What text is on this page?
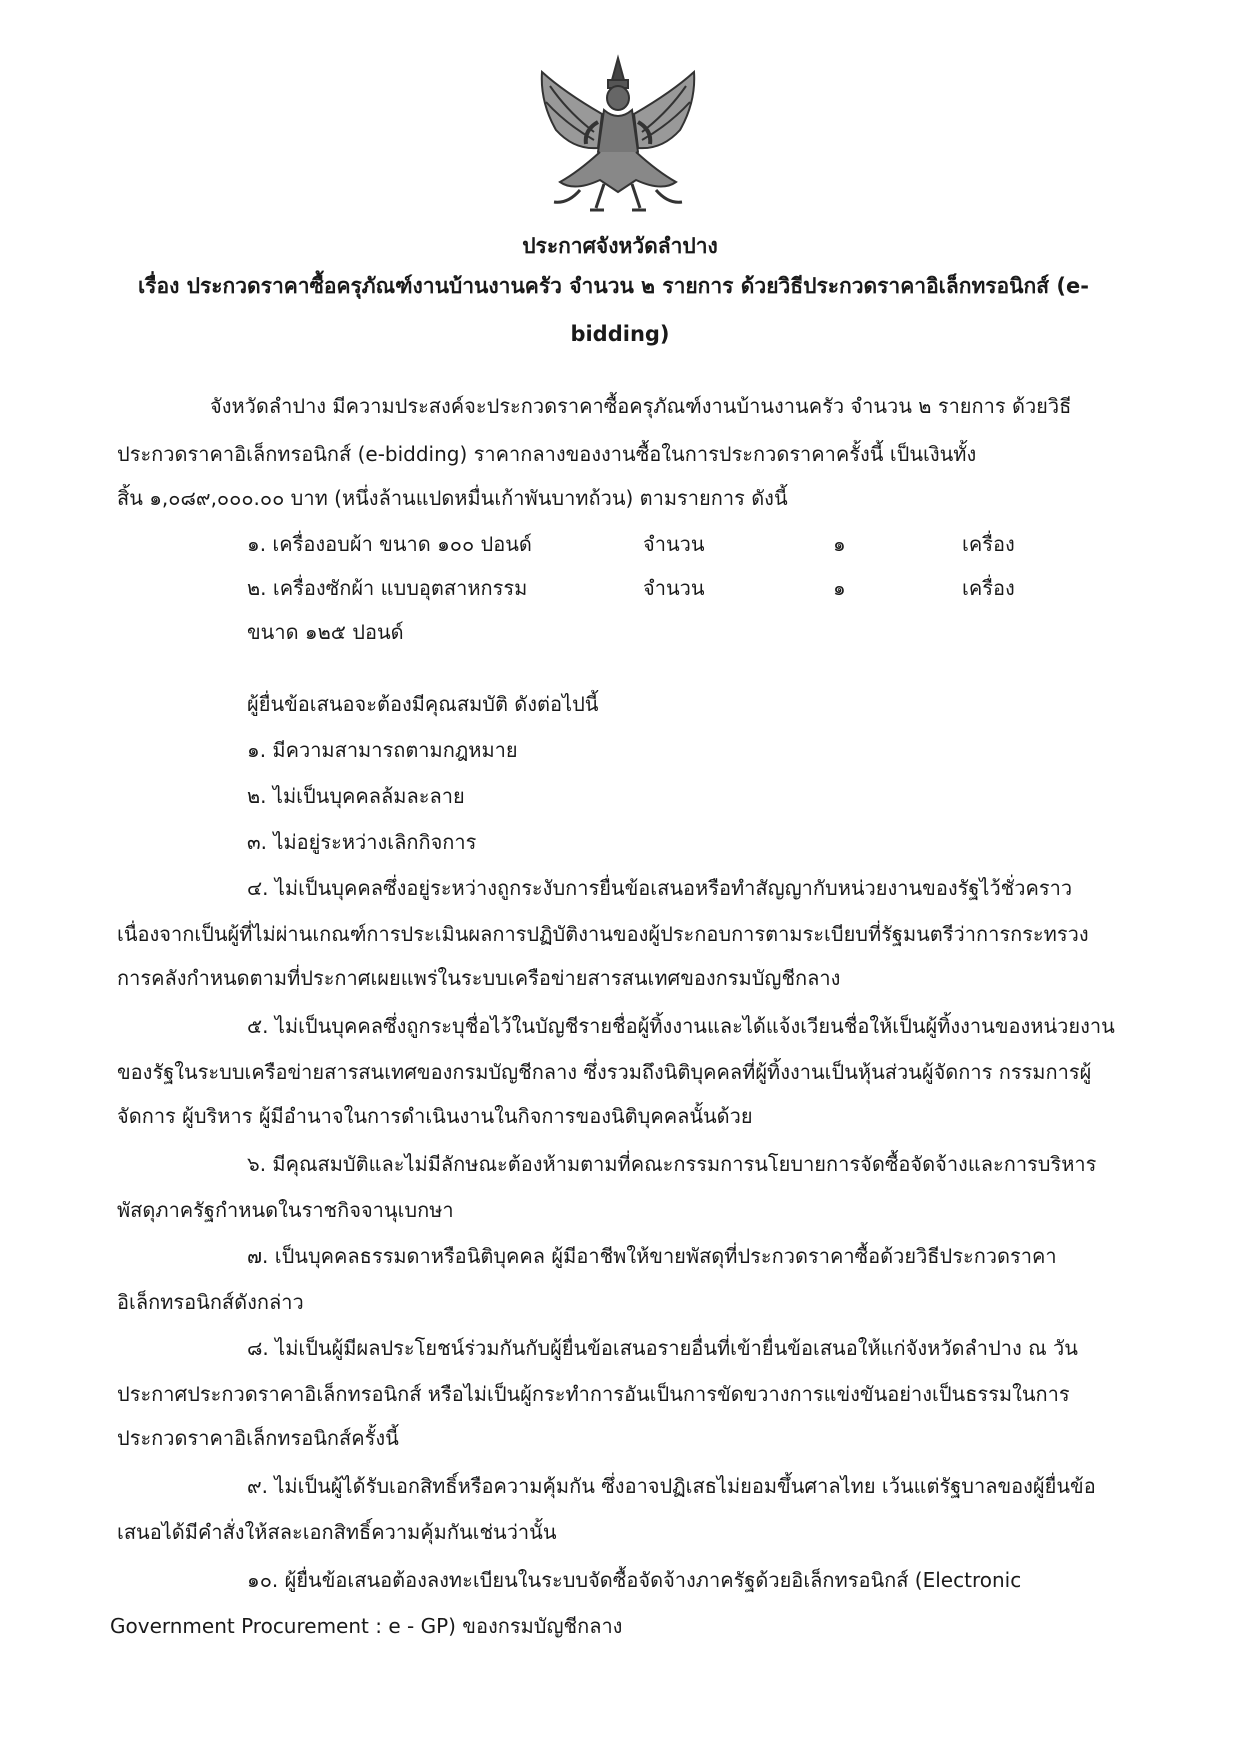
ประกาศจังหวัดลำปาง
เรื่อง ประกวดราคาซื้อครุภัณฑ์งานบ้านงานครัว จำนวน ๒ รายการ ด้วยวิธีประกวดราคาอิเล็กทรอนิกส์ (e-
bidding)
จังหวัดลำปาง มีความประสงค์จะประกวดราคาซื้อครุภัณฑ์งานบ้านงานครัว จำนวน ๒ รายการ ด้วยวิธี
ประกวดราคาอิเล็กทรอนิกส์ (e-bidding) ราคากลางของงานซื้อในการประกวดราคาครั้งนี้ เป็นเงินทั้ง
สิ้น ๑,๐๘๙,๐๐๐.๐๐ บาท (หนึ่งล้านแปดหมื่นเก้าพันบาทถ้วน) ตามรายการ ดังนี้
๑. เครื่องอบผ้า ขนาด ๑๐๐ ปอนด์	จำนวน	๑	เครื่อง
๒. เครื่องซักผ้า แบบอุตสาหกรรม	จำนวน	๑	เครื่อง
ขนาด ๑๒๕ ปอนด์
ผู้ยื่นข้อเสนอจะต้องมีคุณสมบัติ ดังต่อไปนี้
๑. มีความสามารถตามกฎหมาย
๒. ไม่เป็นบุคคลล้มละลาย
๓. ไม่อยู่ระหว่างเลิกกิจการ
๔. ไม่เป็นบุคคลซึ่งอยู่ระหว่างถูกระงับการยื่นข้อเสนอหรือทำสัญญากับหน่วยงานของรัฐไว้ชั่วคราว
เนื่องจากเป็นผู้ที่ไม่ผ่านเกณฑ์การประเมินผลการปฏิบัติงานของผู้ประกอบการตามระเบียบที่รัฐมนตรีว่าการกระทรวง
การคลังกำหนดตามที่ประกาศเผยแพร่ในระบบเครือข่ายสารสนเทศของกรมบัญชีกลาง
๕. ไม่เป็นบุคคลซึ่งถูกระบุชื่อไว้ในบัญชีรายชื่อผู้ทิ้งงานและได้แจ้งเวียนชื่อให้เป็นผู้ทิ้งงานของหน่วยงาน
ของรัฐในระบบเครือข่ายสารสนเทศของกรมบัญชีกลาง ซึ่งรวมถึงนิติบุคคลที่ผู้ทิ้งงานเป็นหุ้นส่วนผู้จัดการ กรรมการผู้
จัดการ ผู้บริหาร ผู้มีอำนาจในการดำเนินงานในกิจการของนิติบุคคลนั้นด้วย
๖. มีคุณสมบัติและไม่มีลักษณะต้องห้ามตามที่คณะกรรมการนโยบายการจัดซื้อจัดจ้างและการบริหาร
พัสดุภาครัฐกำหนดในราชกิจจานุเบกษา
๗. เป็นบุคคลธรรมดาหรือนิติบุคคล ผู้มีอาชีพให้ขายพัสดุที่ประกวดราคาซื้อด้วยวิธีประกวดราคา
อิเล็กทรอนิกส์ดังกล่าว
๘. ไม่เป็นผู้มีผลประโยชน์ร่วมกันกับผู้ยื่นข้อเสนอรายอื่นที่เข้ายื่นข้อเสนอให้แก่จังหวัดลำปาง ณ วัน
ประกาศประกวดราคาอิเล็กทรอนิกส์ หรือไม่เป็นผู้กระทำการอันเป็นการขัดขวางการแข่งขันอย่างเป็นธรรมในการ
ประกวดราคาอิเล็กทรอนิกส์ครั้งนี้
๙. ไม่เป็นผู้ได้รับเอกสิทธิ์หรือความคุ้มกัน ซึ่งอาจปฏิเสธไม่ยอมขึ้นศาลไทย เว้นแต่รัฐบาลของผู้ยื่นข้อ
เสนอได้มีคำสั่งให้สละเอกสิทธิ์ความคุ้มกันเช่นว่านั้น
๑๐. ผู้ยื่นข้อเสนอต้องลงทะเบียนในระบบจัดซื้อจัดจ้างภาครัฐด้วยอิเล็กทรอนิกส์ (Electronic
Government Procurement : e - GP) ของกรมบัญชีกลาง
